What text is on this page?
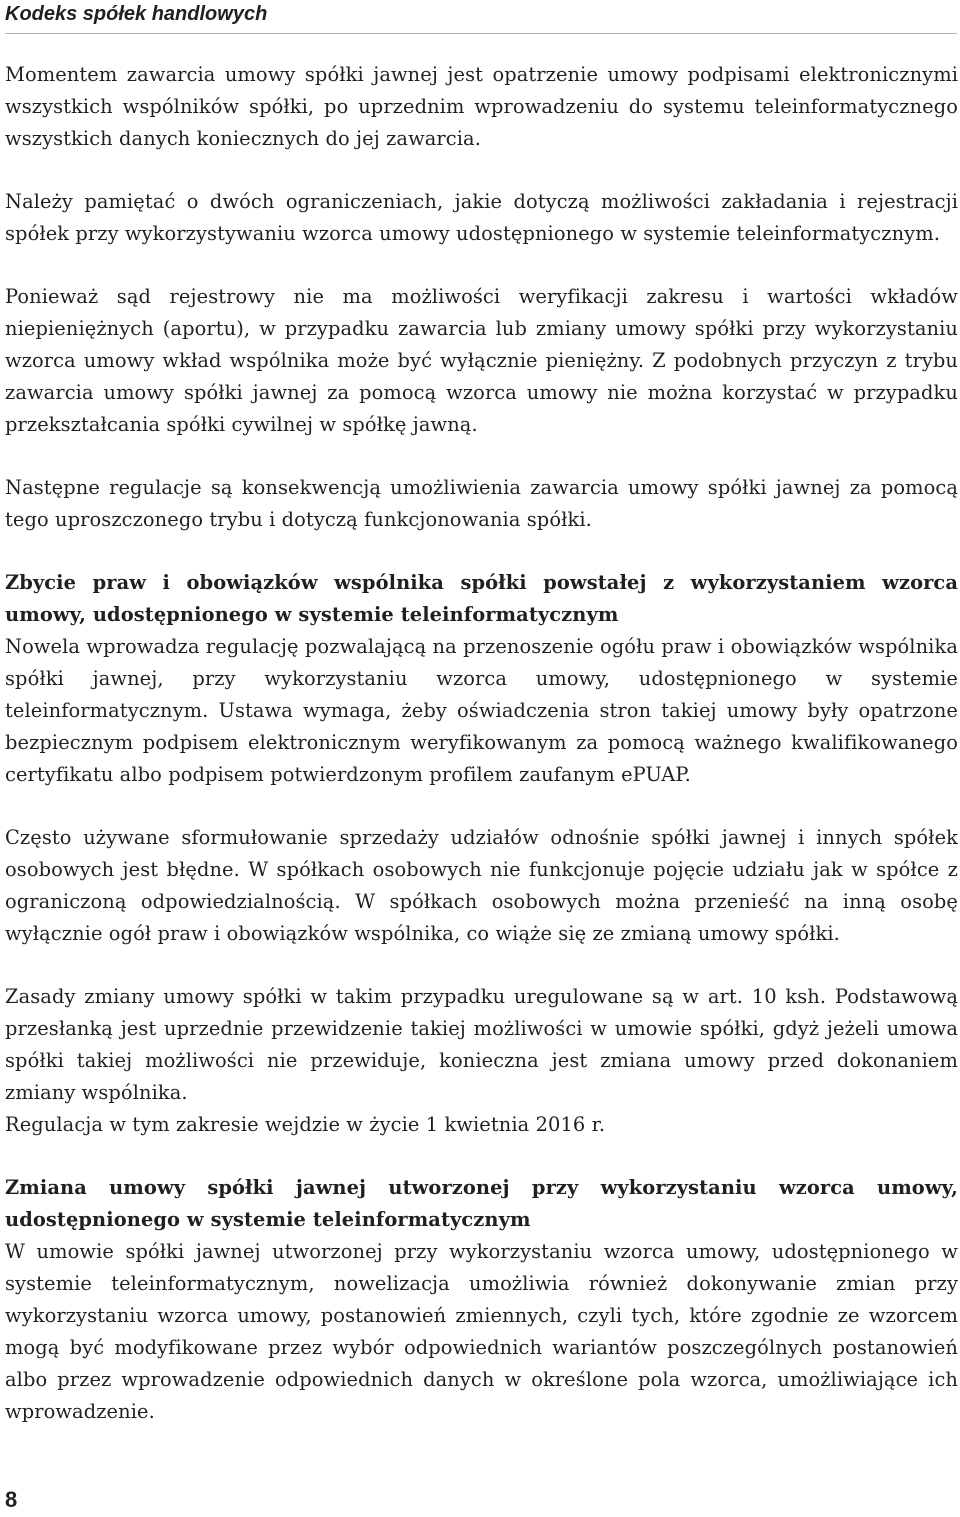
Kodeks spółek handlowych

Momentem zawarcia umowy spółki jawnej jest opatrzenie umowy podpisami elektronicznymi wszystkich wspólników spółki, po uprzednim wprowadzeniu do systemu teleinformatycznego wszystkich danych koniecznych do jej zawarcia.

Należy pamiętać o dwóch ograniczeniach, jakie dotyczą możliwości zakładania i rejestracji spółek przy wykorzystywaniu wzorca umowy udostępnionego w systemie teleinformatycznym.

Ponieważ sąd rejestrowy nie ma możliwości weryfikacji zakresu i wartości wkładów niepieniężnych (aportu), w przypadku zawarcia lub zmiany umowy spółki przy wykorzystaniu wzorca umowy wkład wspólnika może być wyłącznie pieniężny. Z podobnych przyczyn z trybu zawarcia umowy spółki jawnej za pomocą wzorca umowy nie można korzystać w przypadku przekształcania spółki cywilnej w spółkę jawną.

Następne regulacje są konsekwencją umożliwienia zawarcia umowy spółki jawnej za pomocą tego uproszczonego trybu i dotyczą funkcjonowania spółki.

Zbycie praw i obowiązków wspólnika spółki powstałej z wykorzystaniem wzorca umowy, udostępnionego w systemie teleinformatycznym

Nowela wprowadza regulację pozwalającą na przenoszenie ogółu praw i obowiązków wspólnika spółki jawnej, przy wykorzystaniu wzorca umowy, udostępnionego w systemie teleinformatycznym. Ustawa wymaga, żeby oświadczenia stron takiej umowy były opatrzone bezpiecznym podpisem elektronicznym weryfikowanym za pomocą ważnego kwalifikowanego certyfikatu albo podpisem potwierdzonym profilem zaufanym ePUAP.

Często używane sformułowanie sprzedaży udziałów odnośnie spółki jawnej i innych spółek osobowych jest błędne. W spółkach osobowych nie funkcjonuje pojęcie udziału jak w spółce z ograniczoną odpowiedzialnością. W spółkach osobowych można przenieść na inną osobę wyłącznie ogół praw i obowiązków wspólnika, co wiąże się ze zmianą umowy spółki.

Zasady zmiany umowy spółki w takim przypadku uregulowane są w art. 10 ksh. Podstawową przesłanką jest uprzednie przewidzenie takiej możliwości w umowie spółki, gdyż jeżeli umowa spółki takiej możliwości nie przewiduje, konieczna jest zmiana umowy przed dokonaniem zmiany wspólnika.

Regulacja w tym zakresie wejdzie w życie 1 kwietnia 2016 r.

Zmiana umowy spółki jawnej utworzonej przy wykorzystaniu wzorca umowy, udostępnionego w systemie teleinformatycznym

W umowie spółki jawnej utworzonej przy wykorzystaniu wzorca umowy, udostępnionego w systemie teleinformatycznym, nowelizacja umożliwia również dokonywanie zmian przy wykorzystaniu wzorca umowy, postanowień zmiennych, czyli tych, które zgodnie ze wzorcem mogą być modyfikowane przez wybór odpowiednich wariantów poszczególnych postanowień albo przez wprowadzenie odpowiednich danych w określone pola wzorca, umożliwiające ich wprowadzenie.

8
